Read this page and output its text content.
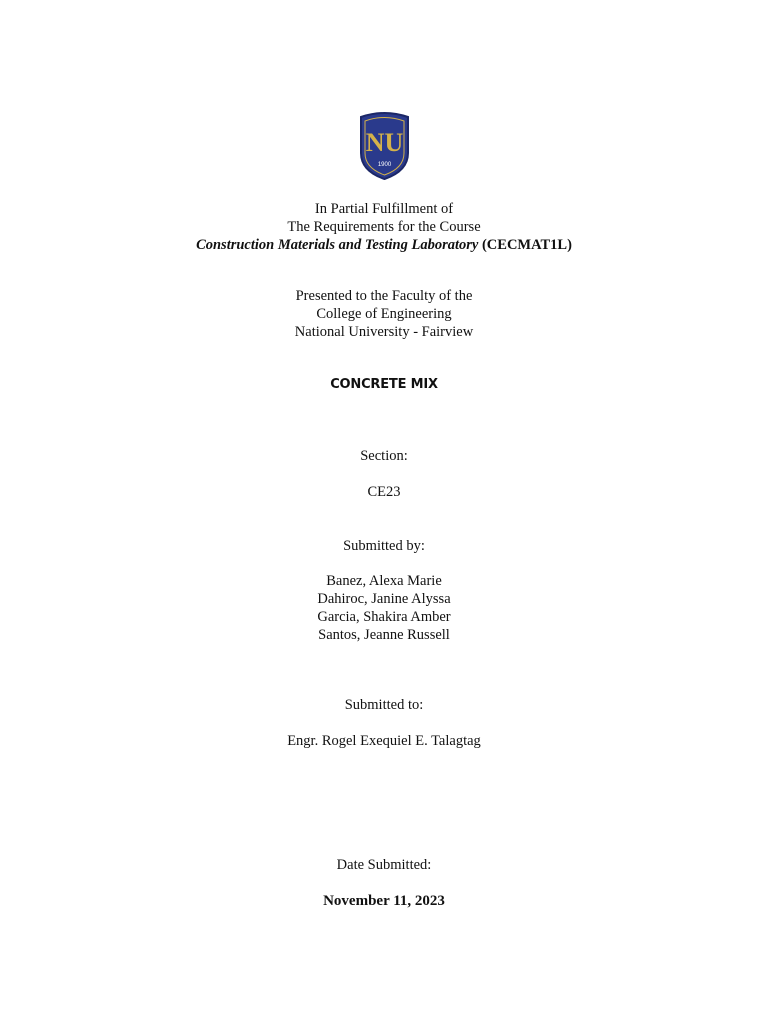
NU
1900
In Partial Fulfillment of
The Requirements for the Course
Construction Materials and Testing Laboratory (CECMAT1L)
Presented to the Faculty of the
College of Engineering
National University - Fairview
CONCRETE MIX
Section:
CE23
Submitted by:
Banez, Alexa Marie
Dahiroc, Janine Alyssa
Garcia, Shakira Amber
Santos, Jeanne Russell
Submitted to:
Engr. Rogel Exequiel E. Talagtag
Date Submitted:
November 11, 2023
